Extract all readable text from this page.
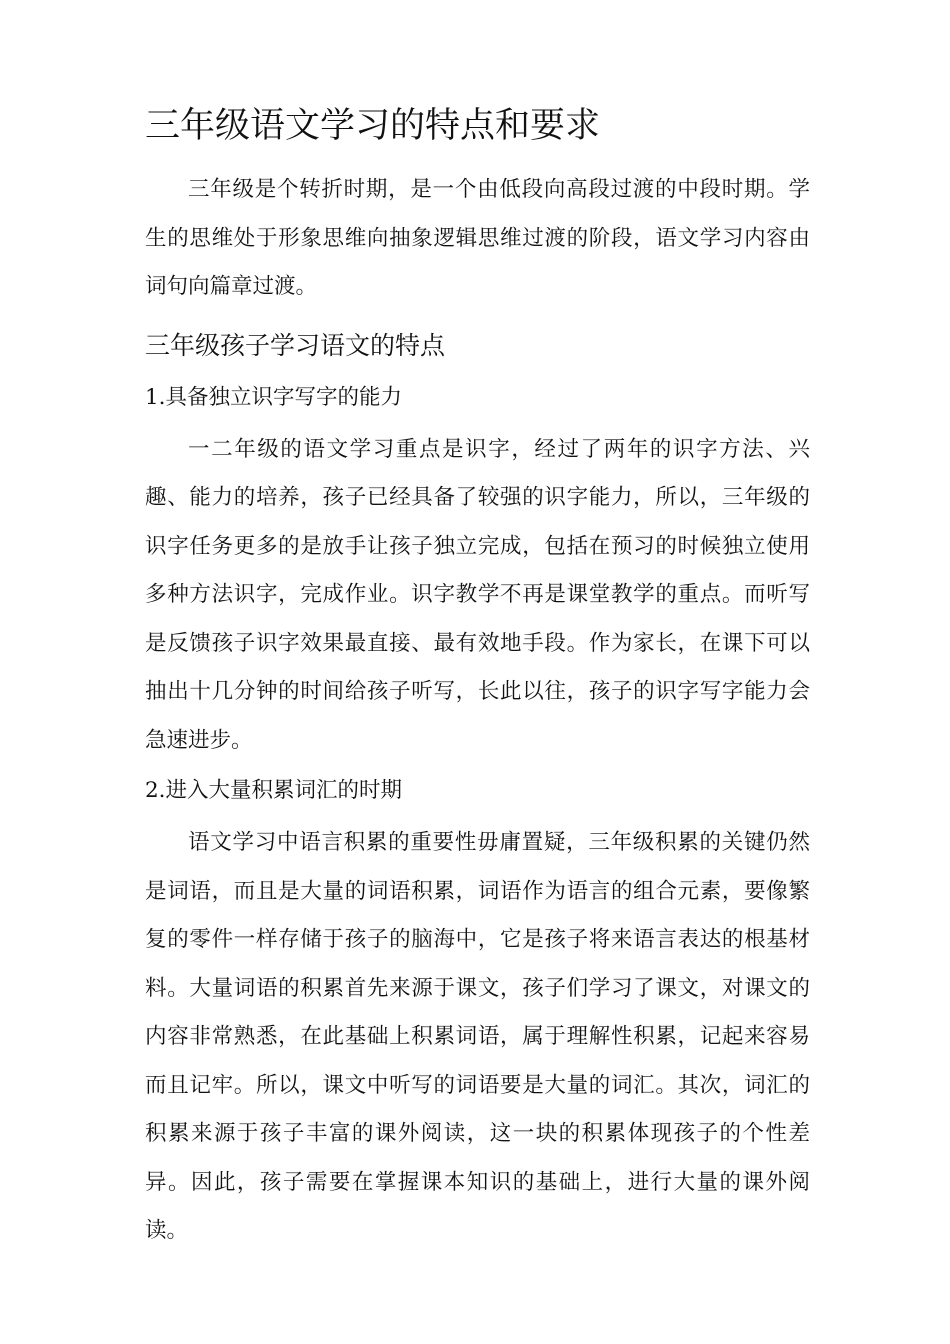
三年级语文学习的特点和要求

三年级是个转折时期，是一个由低段向高段过渡的中段时期。学生的思维处于形象思维向抽象逻辑思维过渡的阶段，语文学习内容由词句向篇章过渡。

三年级孩子学习语文的特点
1.具备独立识字写字的能力

一二年级的语文学习重点是识字，经过了两年的识字方法、兴趣、能力的培养，孩子已经具备了较强的识字能力，所以，三年级的识字任务更多的是放手让孩子独立完成，包括在预习的时候独立使用多种方法识字，完成作业。识字教学不再是课堂教学的重点。而听写是反馈孩子识字效果最直接、最有效地手段。作为家长，在课下可以抽出十几分钟的时间给孩子听写，长此以往，孩子的识字写字能力会急速进步。

2.进入大量积累词汇的时期

语文学习中语言积累的重要性毋庸置疑，三年级积累的关键仍然是词语，而且是大量的词语积累，词语作为语言的组合元素，要像繁复的零件一样存储于孩子的脑海中，它是孩子将来语言表达的根基材料。大量词语的积累首先来源于课文，孩子们学习了课文，对课文的内容非常熟悉，在此基础上积累词语，属于理解性积累，记起来容易而且记牢。所以，课文中听写的词语要是大量的词汇。其次，词汇的积累来源于孩子丰富的课外阅读，这一块的积累体现孩子的个性差异。因此，孩子需要在掌握课本知识的基础上，进行大量的课外阅读。
